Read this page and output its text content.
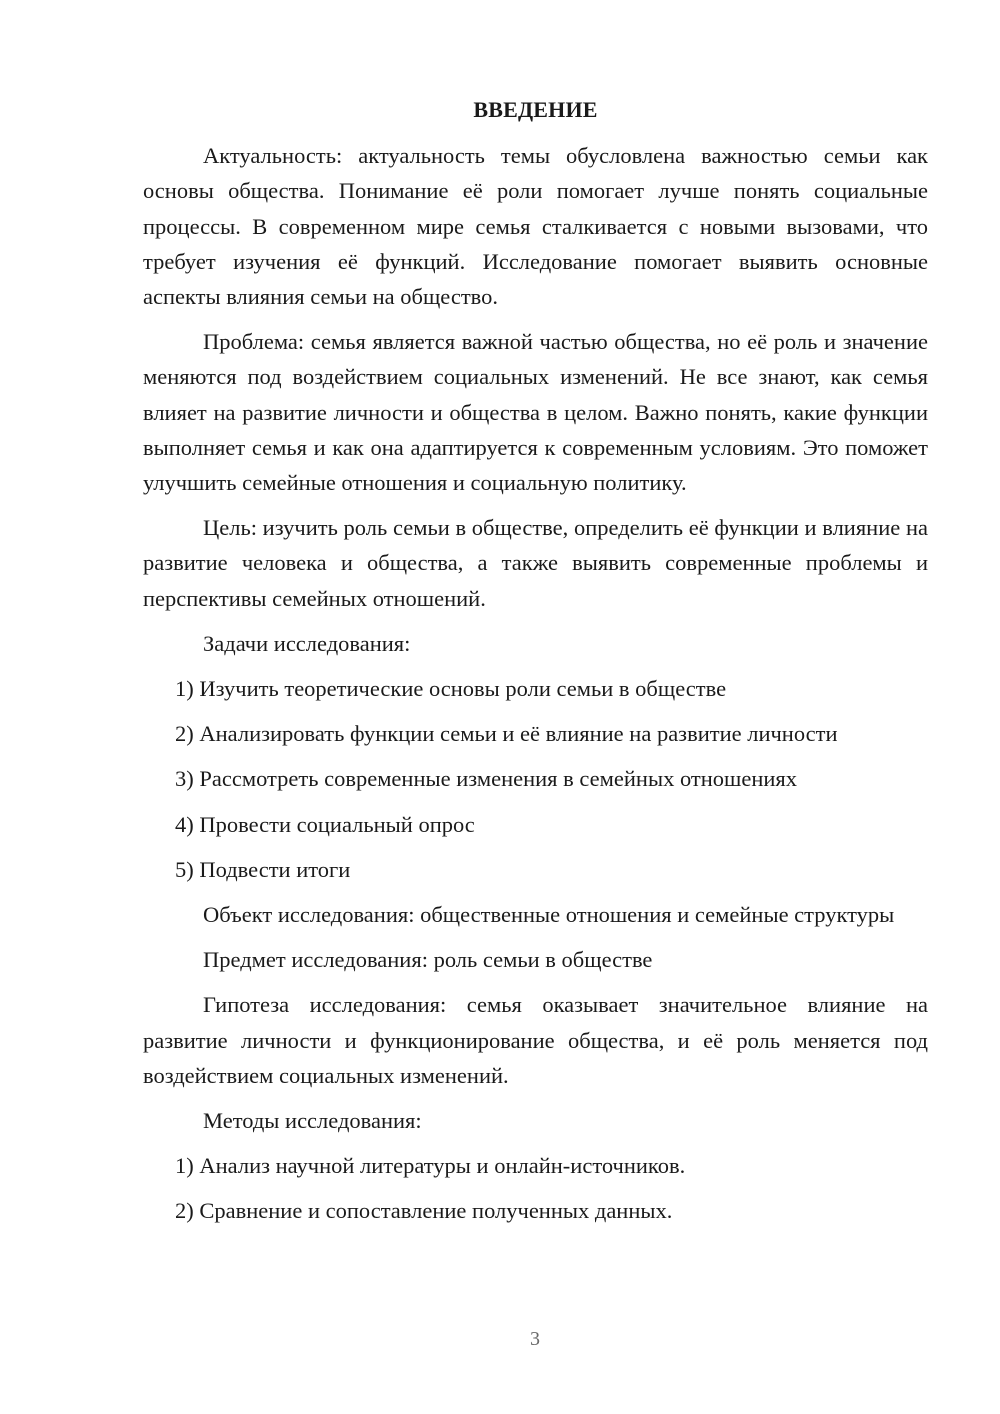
ВВЕДЕНИЕ

Актуальность: актуальность темы обусловлена важностью семьи как основы общества. Понимание её роли помогает лучше понять социальные процессы. В современном мире семья сталкивается с новыми вызовами, что требует изучения её функций. Исследование помогает выявить основные аспекты влияния семьи на общество.

Проблема: семья является важной частью общества, но её роль и значение меняются под воздействием социальных изменений. Не все знают, как семья влияет на развитие личности и общества в целом. Важно понять, какие функции выполняет семья и как она адаптируется к современным условиям. Это поможет улучшить семейные отношения и социальную политику.

Цель: изучить роль семьи в обществе, определить её функции и влияние на развитие человека и общества, а также выявить современные проблемы и перспективы семейных отношений.

Задачи исследования:

1) Изучить теоретические основы роли семьи в обществе

2) Анализировать функции семьи и её влияние на развитие личности

3) Рассмотреть современные изменения в семейных отношениях

4) Провести социальный опрос

5) Подвести итоги

Объект исследования: общественные отношения и семейные структуры

Предмет исследования: роль семьи в обществе

Гипотеза исследования: семья оказывает значительное влияние на развитие личности и функционирование общества, и её роль меняется под воздействием социальных изменений.

Методы исследования:

1) Анализ научной литературы и онлайн-источников.

2) Сравнение и сопоставление полученных данных.

3
